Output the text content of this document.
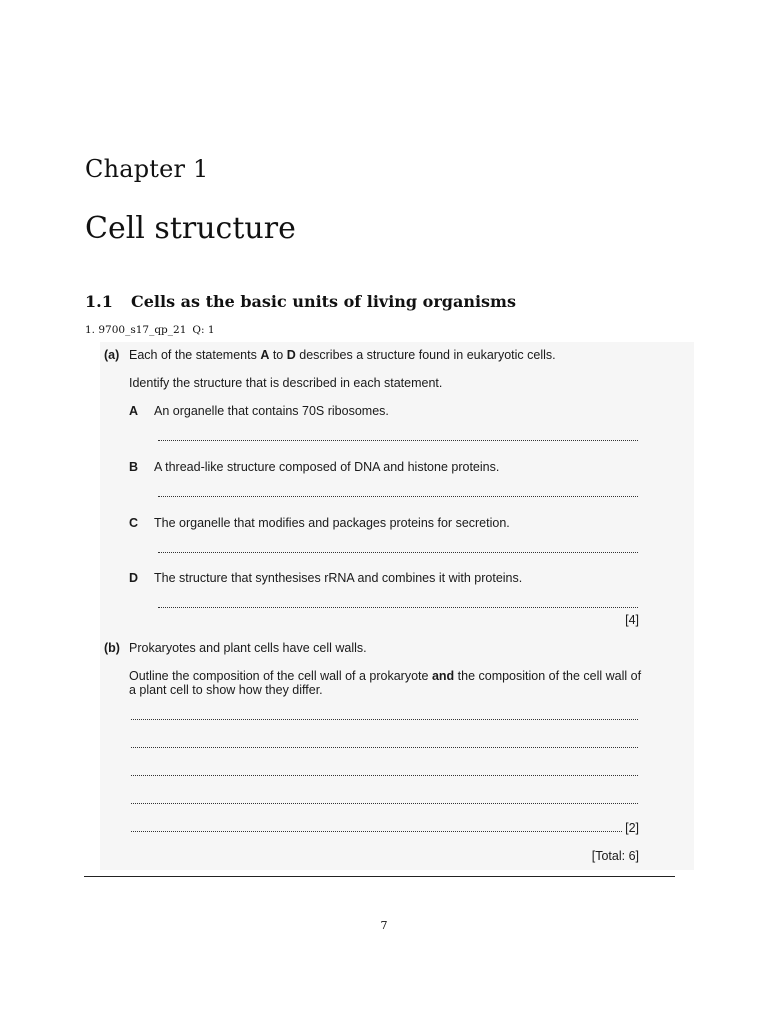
Chapter 1
Cell structure
1.1 Cells as the basic units of living organisms
1. 9700_s17_qp_21 Q: 1
(a) Each of the statements A to D describes a structure found in eukaryotic cells.
Identify the structure that is described in each statement.
A An organelle that contains 70S ribosomes.
B A thread-like structure composed of DNA and histone proteins.
C The organelle that modifies and packages proteins for secretion.
D The structure that synthesises rRNA and combines it with proteins.
[4]
(b) Prokaryotes and plant cells have cell walls.
Outline the composition of the cell wall of a prokaryote and the composition of the cell wall of
a plant cell to show how they differ.
[2]
[Total: 6]
7
